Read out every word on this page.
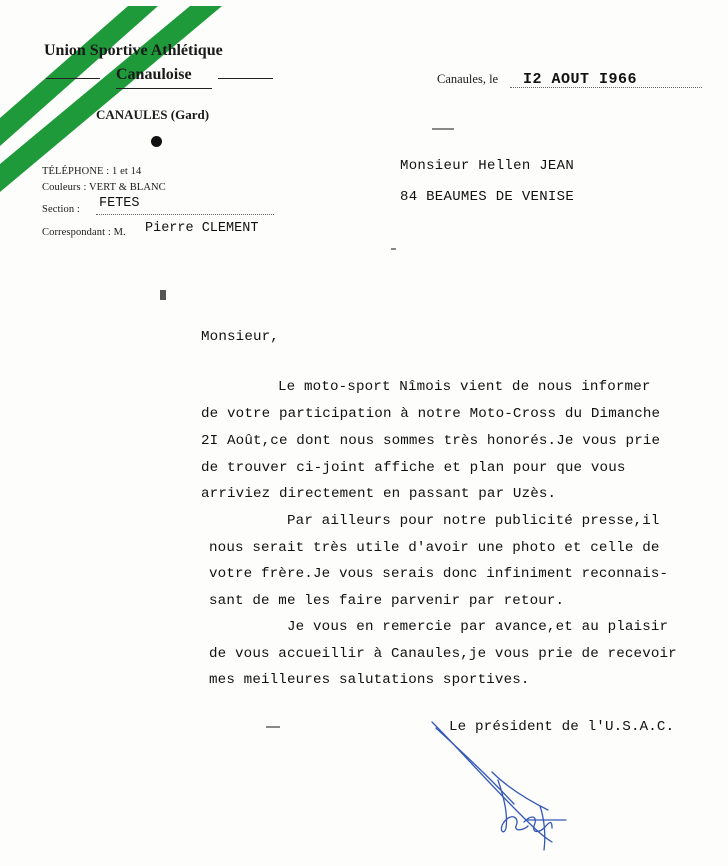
Union Sportive Athlétique
Canauloise
CANAULES (Gard)
TÉLÉPHONE : 1 et 14
Couleurs : VERT & BLANC
Section : FETES
Correspondant : M. Pierre CLEMENT
Canaules, le I2 AOUT I966
Monsieur Hellen JEAN
84 BEAUMES DE VENISE
Monsieur,
Le moto-sport Nîmois vient de nous informer
de votre participation à notre Moto-Cross du Dimanche
2I Août,ce dont nous sommes très honorés.Je vous prie
de trouver ci-joint affiche et plan pour que vous
arriviez directement en passant par Uzès.
Par ailleurs pour notre publicité presse,il
nous serait très utile d'avoir une photo et celle de
votre frère.Je vous serais donc infiniment reconnais-
sant de me les faire parvenir par retour.
Je vous en remercie par avance,et au plaisir
de vous accueillir à Canaules,je vous prie de recevoir
mes meilleures salutations sportives.
Le président de l'U.S.A.C.
